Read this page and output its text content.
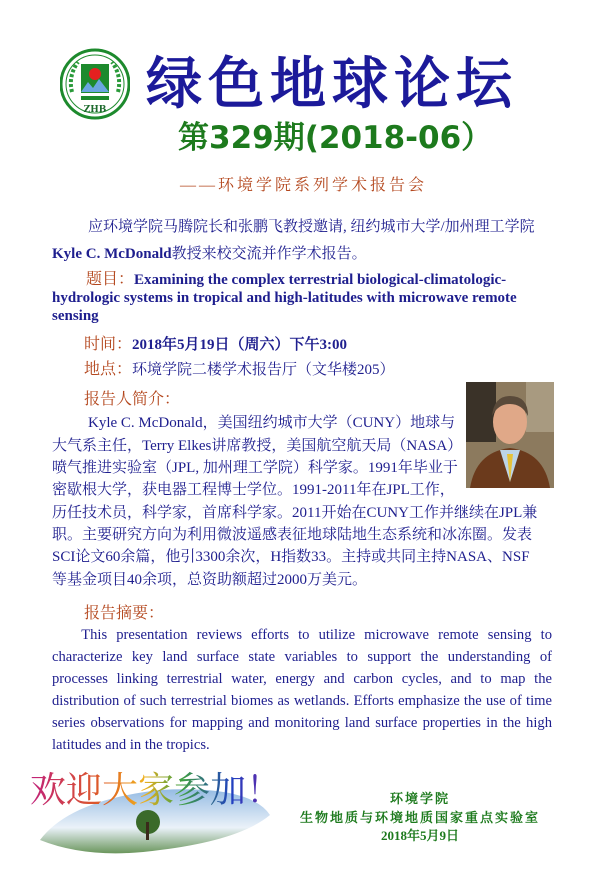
ZHB 绿色地球论坛
第329期(2018-06）
——环境学院系列学术报告会
应环境学院马腾院长和张鹏飞教授邀请, 纽约城市大学/加州理工学院
Kyle C. McDonald教授来校交流并作学术报告。
题目：Examining the complex terrestrial biological-climatologic-hydrologic systems in tropical and high-latitudes with microwave remote sensing
时间：2018年5月19日（周六）下午3:00
地点：环境学院二楼学术报告厅（文华楼205）
报告人简介：
Kyle C. McDonald，美国纽约城市大学（CUNY）地球与
大气系主任，Terry Elkes讲席教授，美国航空航天局（NASA）
喷气推进实验室（JPL, 加州理工学院）科学家。1991年毕业于
密歇根大学，获电器工程博士学位。1991-2011年在JPL工作，
历任技术员，科学家，首席科学家。2011开始在CUNY工作并继续在JPL兼
职。主要研究方向为利用微波遥感表征地球陆地生态系统和冰冻圈。发表
SCI论文60余篇，他引3300余次，H指数33。主持或共同主持NASA、NSF
等基金项目40余项，总资助额超过2000万美元。
报告摘要：
This presentation reviews efforts to utilize microwave remote sensing to characterize key land surface state variables to support the understanding of processes linking terrestrial water, energy and carbon cycles, and to map the distribution of such terrestrial biomes as wetlands. Efforts emphasize the use of time series observations for mapping and monitoring land surface properties in the high latitudes and in the tropics.
欢迎大家参加！	环境学院
生物地质与环境地质国家重点实验室
2018年5月9日
